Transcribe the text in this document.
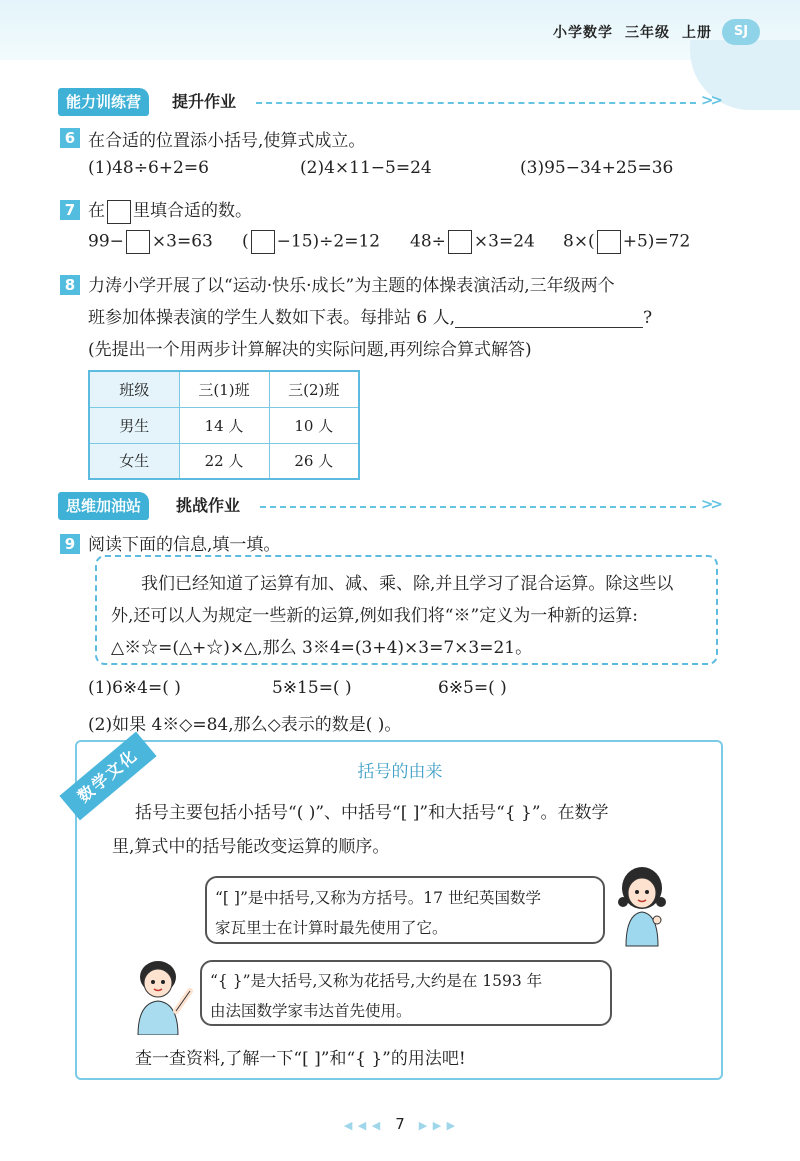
小学数学 三年级 上册	SJ
能力训练营	提升作业	>>
6 在合适的位置添小括号,使算式成立。
(1)48÷6+2=6	(2)4×11−5=24	(3)95−34+25=36
7 在 里填合适的数。
99− ×3=63 ( −15)÷2=12 48÷ ×3=24 8×( +5)=72
8 力涛小学开展了以“运动·快乐·成长”为主题的体操表演活动,三年级两个
班参加体操表演的学生人数如下表。每排站 6 人,	?
(先提出一个用两步计算解决的实际问题,再列综合算式解答)
班级	三(1)班	三(2)班
男生	14 人	10 人
女生	22 人	26 人
思维加油站	挑战作业	>>
9 阅读下面的信息,填一填。
我们已经知道了运算有加、减、乘、除,并且学习了混合运算。除这些以
外,还可以人为规定一些新的运算,例如我们将“※”定义为一种新的运算:
△※☆=(△+☆)×△,那么 3※4=(3+4)×3=7×3=21。
(1)6※4=( )	5※15=( )	6※5=( )
(2)如果 4※◇=84,那么◇表示的数是( )。
数学文化	括号的由来
括号主要包括小括号“( )”、中括号“[ ]”和大括号“{ }”。在数学
里,算式中的括号能改变运算的顺序。
“[ ]”是中括号,又称为方括号。17 世纪英国数学
家瓦里士在计算时最先使用了它。
“{ }”是大括号,又称为花括号,大约是在 1593 年
由法国数学家韦达首先使用。
查一查资料,了解一下“[ ]”和“{ }”的用法吧!
◀ ◀ ◀ 7 ▶ ▶ ▶
